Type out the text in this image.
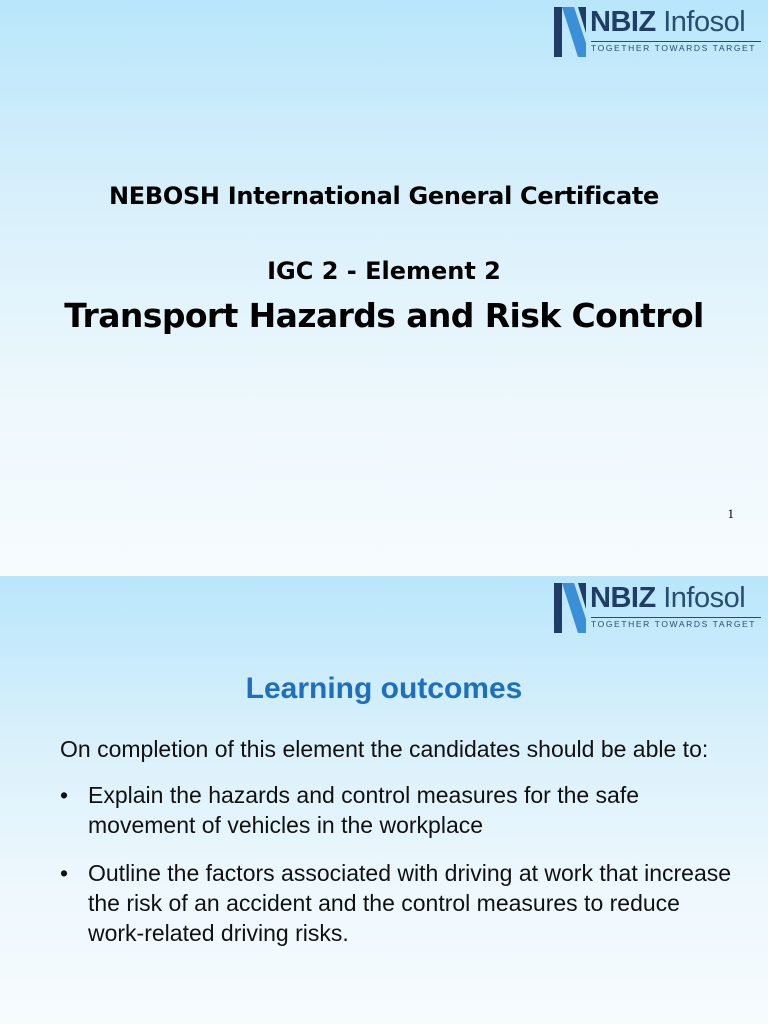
NBIZ Infosol
TOGETHER TOWARDS TARGET
NEBOSH International General Certificate
IGC 2 - Element 2
Transport Hazards and Risk Control
1
NBIZ Infosol
TOGETHER TOWARDS TARGET
Learning outcomes

On completion of this element the candidates should be able to:

• Explain the hazards and control measures for the safe movement of vehicles in the workplace
• Outline the factors associated with driving at work that increase the risk of an accident and the control measures to reduce work-related driving risks.
